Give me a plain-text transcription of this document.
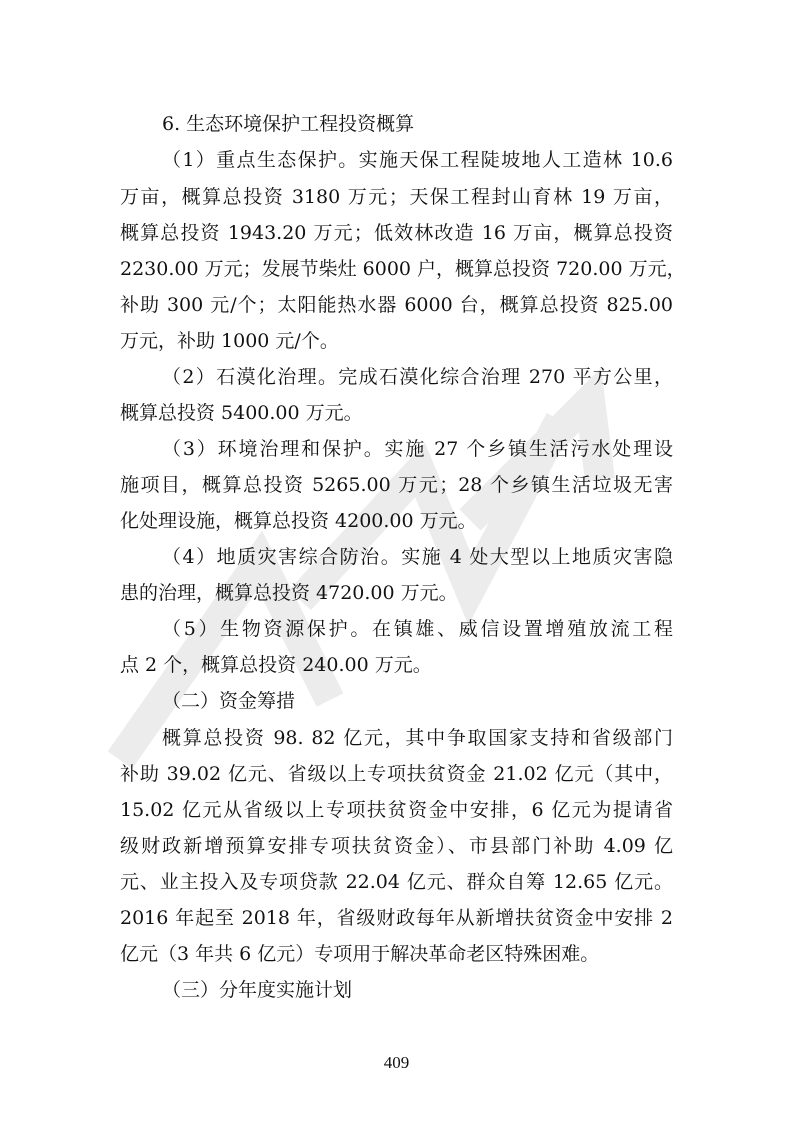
6. 生态环境保护工程投资概算
（1）重点生态保护。实施天保工程陡坡地人工造林 10.6
万亩，概算总投资 3180 万元；天保工程封山育林 19 万亩，
概算总投资 1943.20 万元；低效林改造 16 万亩，概算总投资
2230.00 万元；发展节柴灶 6000 户，概算总投资 720.00 万元，
补助 300 元/个；太阳能热水器 6000 台，概算总投资 825.00
万元，补助 1000 元/个。
（2）石漠化治理。完成石漠化综合治理 270 平方公里，
概算总投资 5400.00 万元。
（3）环境治理和保护。实施 27 个乡镇生活污水处理设
施项目，概算总投资 5265.00 万元；28 个乡镇生活垃圾无害
化处理设施，概算总投资 4200.00 万元。
（4）地质灾害综合防治。实施 4 处大型以上地质灾害隐
患的治理，概算总投资 4720.00 万元。
（5）生物资源保护。在镇雄、威信设置增殖放流工程
点 2 个，概算总投资 240.00 万元。
（二）资金筹措
概算总投资 98. 82 亿元，其中争取国家支持和省级部门
补助 39.02 亿元、省级以上专项扶贫资金 21.02 亿元（其中，
15.02 亿元从省级以上专项扶贫资金中安排，6 亿元为提请省
级财政新增预算安排专项扶贫资金）、市县部门补助 4.09 亿
元、业主投入及专项贷款 22.04 亿元、群众自筹 12.65 亿元。
2016 年起至 2018 年，省级财政每年从新增扶贫资金中安排 2
亿元（3 年共 6 亿元）专项用于解决革命老区特殊困难。
（三）分年度实施计划
409
